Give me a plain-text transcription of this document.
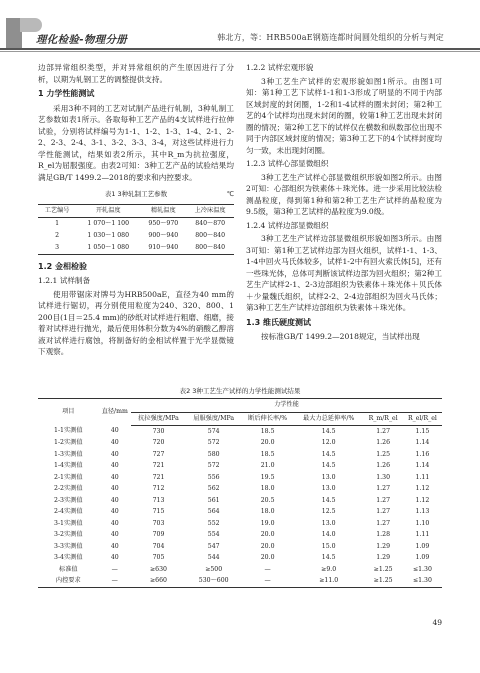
理化检验-物理分册	韩北方，等：HRB500aE钢筋连都时间圆处组织的分析与判定

边部异常组织类型，并对异常组织的产生原因进行了分析，以期为轧钢工艺的调整提供支持。

1 力学性能测试

采用3种不同的工艺对试制产品进行轧制，3种轧制工艺参数如表1所示。各取每种工艺产品的4支试样进行拉伸试验，分别将试样编号为1-1、1-2、1-3、1-4、2-1、2-2、2-3、2-4、3-1、3-2、3-3、3-4，对这些试样进行力学性能测试，结果如表2所示，其中R_m为抗拉强度，R_el为屈服强度。由表2可知：3种工艺产品的试验结果均满足GB/T 1499.2—2018的要求和内控要求。

表1 3种轧制工艺参数	℃
工艺编号	开轧温度	精轧温度	上冷床温度
1	1 070～1 100	950～970	840～870
2	1 030～1 080	900～940	800～840
3	1 050～1 080	910～940	800～840
1.2 金相检验
1.2.1 试样制备

使用带锯床对牌号为HRB500aE，直径为40 mm的试样进行锯切，再分别使用粒度为240、320、800、1 200目(1目＝25.4 mm)的砂纸对试样进行粗磨、细磨，接着对试样进行抛光，最后使用体积分数为4%的硝酸乙醇溶液对试样进行腐蚀，将制备好的金相试样置于光学显微镜下观察。

1.2.2 试样宏观形貌

3种工艺生产试样的宏观形貌如图1所示。由图1可知：第1种工艺下试样1-1和1-3形成了明显的不同于内部区域封度的封闭圈，1-2和1-4试样的圈未封闭；第2种工艺的4个试样均出现未封闭的圈，较第1种工艺出现未封闭圈的情况；第2种工艺下的试样仅在横数和纵数部位出现不同于内部区域封度的情况；第3种工艺下的4个试样封度均匀一致，未出现封闭圈。

1.2.3 试样心部显微组织

3种工艺生产试样心部显微组织形貌如图2所示。由图2可知：心部组织为铁素体＋珠光体。进一步采用比较法检测晶粒度，得到第1种和第2种工艺生产试样的晶粒度为9.5级，第3种工艺试样的晶粒度为9.0级。

1.2.4 试样边部显微组织

3种工艺生产试样边部显微组织形貌如图3所示。由图3可知：第1种工艺试样边部为回火组织，试样1-1、1-3、1-4中回火马氏体较多，试样1-2中有回火索氏体[5]，还有一些珠光体，总体可判断该试样边部为回火组织；第2种工艺生产试样2-1、2-3边部组织为铁素体＋珠光体＋贝氏体＋少量魏氏组织，试样2-2、2-4边部组织为回火马氏体；第3种工艺生产试样边部组织为铁素体＋珠光体。

1.3 维氏硬度测试

按标准GB/T 1499.2—2018规定，当试样出现

表2 3种工艺生产试样的力学性能测试结果
项目	直径/mm	力学性能					
		抗拉强度/MPa	屈服强度/MPa	断后伸长率/%	最大力总延伸率/%	R_m/R_el	R_el/R_el
1-1实测值	40	730	574	18.5	14.5	1.27	1.15
1-2实测值	40	720	572	20.0	12.0	1.26	1.14
1-3实测值	40	727	580	18.5	14.5	1.25	1.16
1-4实测值	40	721	572	21.0	14.5	1.26	1.14
2-1实测值	40	721	556	19.5	13.0	1.30	1.11
2-2实测值	40	712	562	18.0	13.0	1.27	1.12
2-3实测值	40	713	561	20.5	14.5	1.27	1.12
2-4实测值	40	715	564	18.0	12.5	1.27	1.13
3-1实测值	40	703	552	19.0	13.0	1.27	1.10
3-2实测值	40	709	554	20.0	14.0	1.28	1.11
3-3实测值	40	704	547	20.0	15.0	1.29	1.09
3-4实测值	40	705	544	20.0	14.5	1.29	1.09
标准值	—	≥630	≥500	—	≥9.0	≥1.25	≤1.30
内控要求	—	≥660	530～600	—	≥11.0	≥1.25	≤1.30
49
